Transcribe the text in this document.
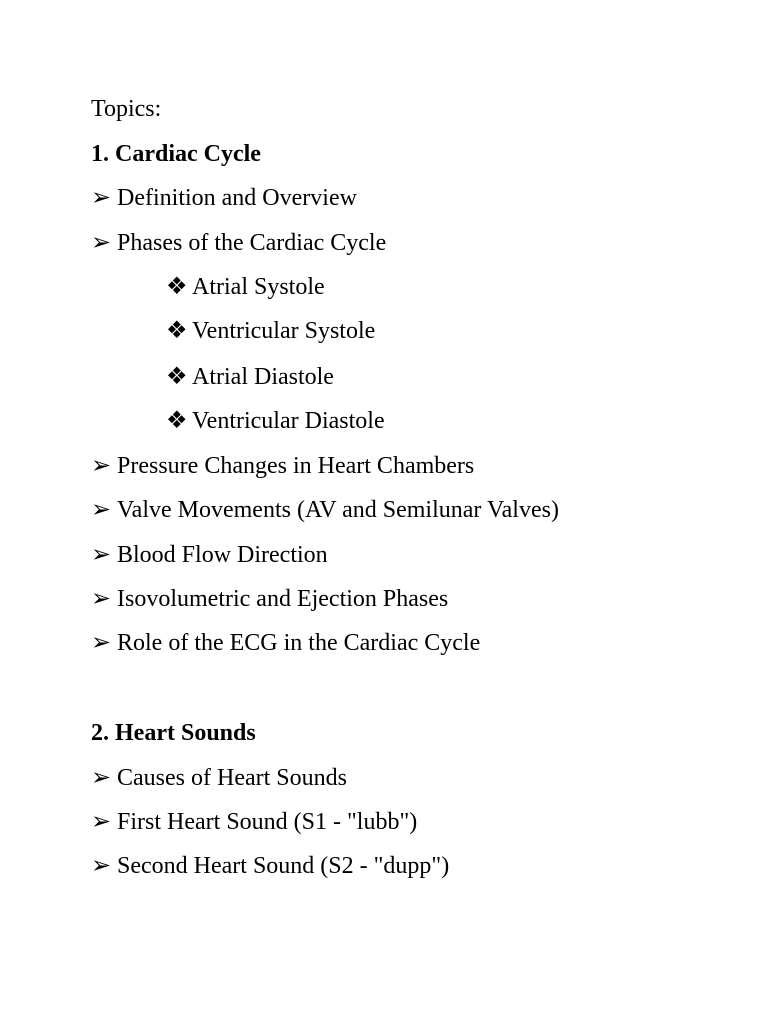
Topics:
1. Cardiac Cycle
➢ Definition and Overview
➢ Phases of the Cardiac Cycle
❖ Atrial Systole
❖ Ventricular Systole
❖ Atrial Diastole
❖ Ventricular Diastole
➢ Pressure Changes in Heart Chambers
➢ Valve Movements (AV and Semilunar Valves)
➢ Blood Flow Direction
➢ Isovolumetric and Ejection Phases
➢ Role of the ECG in the Cardiac Cycle
2. Heart Sounds
➢ Causes of Heart Sounds
➢ First Heart Sound (S1 - "lubb")
➢ Second Heart Sound (S2 - "dupp")
